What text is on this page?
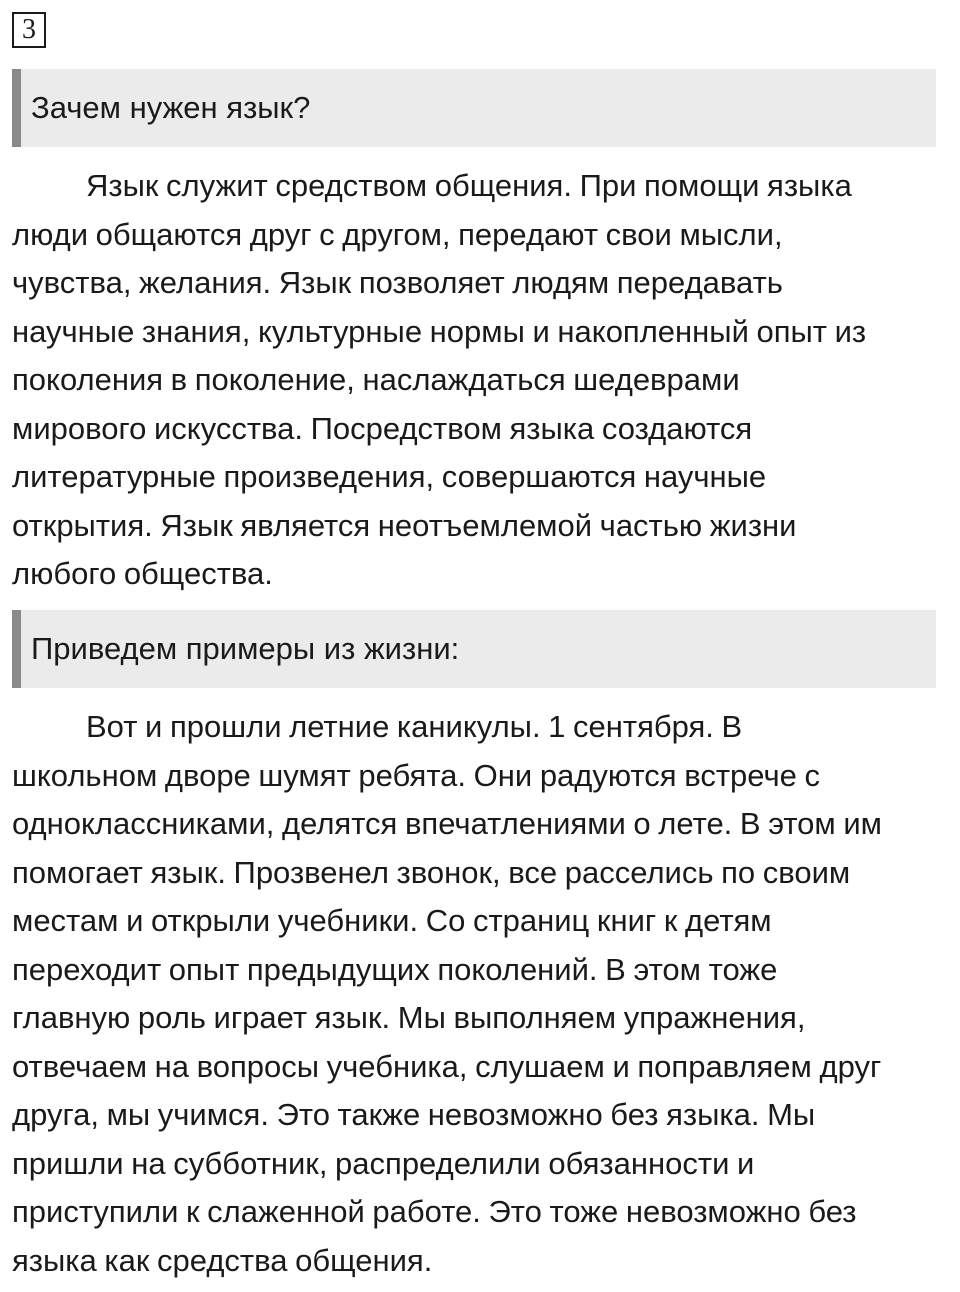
3
Зачем нужен язык?

Язык служит средством общения. При помощи языка
люди общаются друг с другом, передают свои мысли,
чувства, желания. Язык позволяет людям передавать
научные знания, культурные нормы и накопленный опыт из
поколения в поколение, наслаждаться шедеврами
мирового искусства. Посредством языка создаются
литературные произведения, совершаются научные
открытия. Язык является неотъемлемой частью жизни
любого общества.

Приведем примеры из жизни:

Вот и прошли летние каникулы. 1 сентября. В
школьном дворе шумят ребята. Они радуются встрече с
одноклассниками, делятся впечатлениями о лете. В этом им
помогает язык. Прозвенел звонок, все расселись по своим
местам и открыли учебники. Со страниц книг к детям
переходит опыт предыдущих поколений. В этом тоже
главную роль играет язык. Мы выполняем упражнения,
отвечаем на вопросы учебника, слушаем и поправляем друг
друга, мы учимся. Это также невозможно без языка. Мы
пришли на субботник, распределили обязанности и
приступили к слаженной работе. Это тоже невозможно без
языка как средства общения.
